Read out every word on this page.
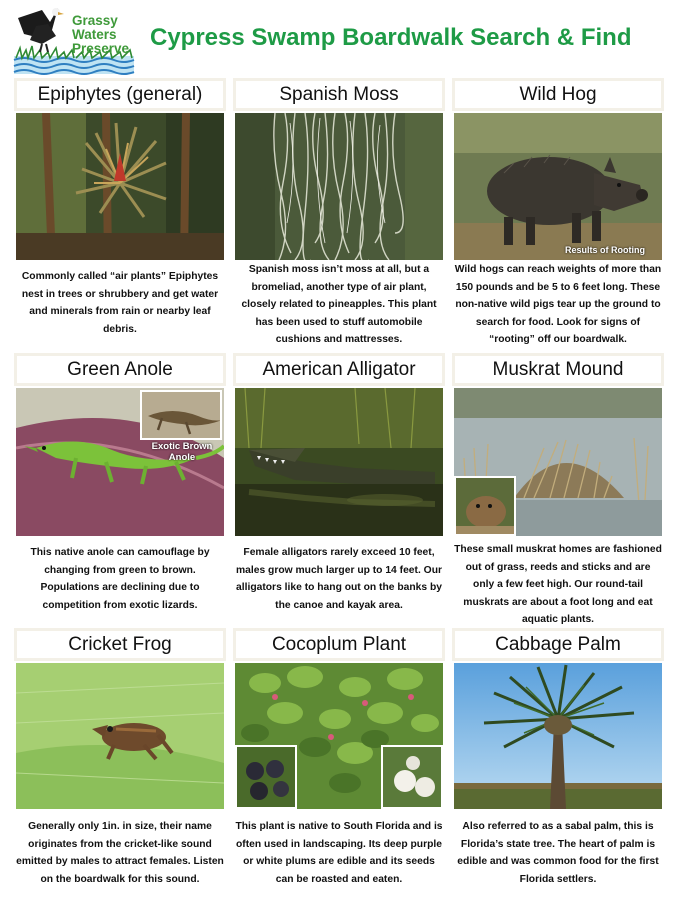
Grassy
Waters
Preserve Cypress Swamp Boardwalk Search & Find
Epiphytes (general)
Commonly called “air plants” Epiphytes nest in trees or shrubbery and get water and minerals from rain or nearby leaf debris.
Spanish Moss
Spanish moss isn’t moss at all, but a bromeliad, another type of air plant, closely related to pineapples. This plant has been used to stuff automobile cushions and mattresses.
Wild Hog
Results of Rooting
Wild hogs can reach weights of more than 150 pounds and be 5 to 6 feet long. These non-native wild pigs tear up the ground to search for food. Look for signs of “rooting” off our boardwalk.
Green Anole
Exotic Brown Anole
This native anole can camouflage by changing from green to brown. Populations are declining due to competition from exotic lizards.
American Alligator
Female alligators rarely exceed 10 feet, males grow much larger up to 14 feet. Our alligators like to hang out on the banks by the canoe and kayak area.
Muskrat Mound
These small muskrat homes are fashioned out of grass, reeds and sticks and are only a few feet high. Our round-tail muskrats are about a foot long and eat aquatic plants.
Cricket Frog
Generally only 1in. in size, their name originates from the cricket-like sound emitted by males to attract females. Listen on the boardwalk for this sound.
Cocoplum Plant
This plant is native to South Florida and is often used in landscaping. Its deep purple or white plums are edible and its seeds can be roasted and eaten.
Cabbage Palm
Also referred to as a sabal palm, this is Florida’s state tree. The heart of palm is edible and was common food for the first Florida settlers.
